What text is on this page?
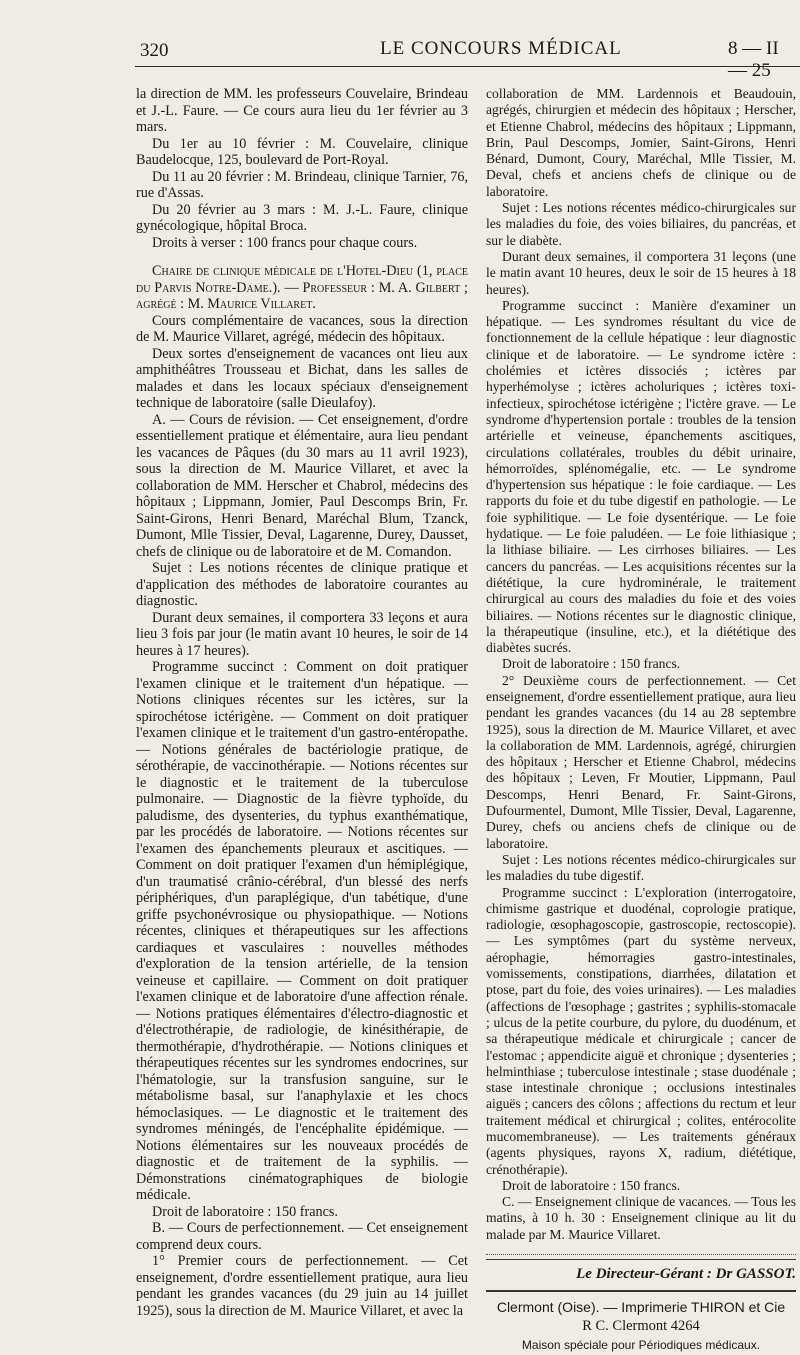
320	LE CONCOURS MÉDICAL	8 — II — 25

la direction de MM. les professeurs Couvelaire, Brindeau et J.-L. Faure. — Ce cours aura lieu du 1er février au 3 mars.

Du 1er au 10 février : M. Couvelaire, clinique Baudelocque, 125, boulevard de Port-Royal.

Du 11 au 20 février : M. Brindeau, clinique Tarnier, 76, rue d'Assas.

Du 20 février au 3 mars : M. J.-L. Faure, clinique gynécologique, hôpital Broca.

Droits à verser : 100 francs pour chaque cours.

Chaire de clinique médicale de l'Hotel-Dieu (1, place du Parvis Notre-Dame.). — Professeur : M. A. Gilbert ; agrégé : M. Maurice Villaret.

Cours complémentaire de vacances, sous la direction de M. Maurice Villaret, agrégé, médecin des hôpitaux.

Deux sortes d'enseignement de vacances ont lieu aux amphithéâtres Trousseau et Bichat, dans les salles de malades et dans les locaux spéciaux d'enseignement technique de laboratoire (salle Dieulafoy).

A. — Cours de révision. — Cet enseignement, d'ordre essentiellement pratique et élémentaire, aura lieu pendant les vacances de Pâques (du 30 mars au 11 avril 1923), sous la direction de M. Maurice Villaret, et avec la collaboration de MM. Herscher et Chabrol, médecins des hôpitaux ; Lippmann, Jomier, Paul Descomps Brin, Fr. Saint-Girons, Henri Benard, Maréchal Blum, Tzanck, Dumont, Mlle Tissier, Deval, Lagarenne, Durey, Dausset, chefs de clinique ou de laboratoire et de M. Comandon.

Sujet : Les notions récentes de clinique pratique et d'application des méthodes de laboratoire courantes au diagnostic.

Durant deux semaines, il comportera 33 leçons et aura lieu 3 fois par jour (le matin avant 10 heures, le soir de 14 heures à 17 heures).

Programme succinct : Comment on doit pratiquer l'examen clinique et le traitement d'un hépatique. — Notions cliniques récentes sur les ictères, sur la spirochétose ictérigène. — Comment on doit pratiquer l'examen clinique et le traitement d'un gastro-entéropathe. — Notions générales de bactériologie pratique, de sérothérapie, de vaccinothérapie. — Notions récentes sur le diagnostic et le traitement de la tuberculose pulmonaire. — Diagnostic de la fièvre typhoïde, du paludisme, des dysenteries, du typhus exanthématique, par les procédés de laboratoire. — Notions récentes sur l'examen des épanchements pleuraux et ascitiques. — Comment on doit pratiquer l'examen d'un hémiplégique, d'un traumatisé crânio-cérébral, d'un blessé des nerfs périphériques, d'un paraplégique, d'un tabétique, d'une griffe psychonévrosique ou physiopathique. — Notions récentes, cliniques et thérapeutiques sur les affections cardiaques et vasculaires : nouvelles méthodes d'exploration de la tension artérielle, de la tension veineuse et capillaire. — Comment on doit pratiquer l'examen clinique et de laboratoire d'une affection rénale. — Notions pratiques élémentaires d'électro-diagnostic et d'électrothérapie, de radiologie, de kinésithérapie, de thermothérapie, d'hydrothérapie. — Notions cliniques et thérapeutiques récentes sur les syndromes endocrines, sur l'hématologie, sur la transfusion sanguine, sur le métabolisme basal, sur l'anaphylaxie et les chocs hémoclasiques. — Le diagnostic et le traitement des syndromes méningés, de l'encéphalite épidémique. — Notions élémentaires sur les nouveaux procédés de diagnostic et de traitement de la syphilis. — Démonstrations cinématographiques de biologie médicale.

Droit de laboratoire : 150 francs.

B. — Cours de perfectionnement. — Cet enseignement comprend deux cours.

1° Premier cours de perfectionnement. — Cet enseignement, d'ordre essentiellement pratique, aura lieu pendant les grandes vacances (du 29 juin au 14 juillet 1925), sous la direction de M. Maurice Villaret, et avec la

collaboration de MM. Lardennois et Beaudouin, agrégés, chirurgien et médecin des hôpitaux ; Herscher, et Etienne Chabrol, médecins des hôpitaux ; Lippmann, Brin, Paul Descomps, Jomier, Saint-Girons, Henri Bénard, Dumont, Coury, Maréchal, Mlle Tissier, M. Deval, chefs et anciens chefs de clinique ou de laboratoire.

Sujet : Les notions récentes médico-chirurgicales sur les maladies du foie, des voies biliaires, du pancréas, et sur le diabète.

Durant deux semaines, il comportera 31 leçons (une le matin avant 10 heures, deux le soir de 15 heures à 18 heures).

Programme succinct : Manière d'examiner un hépatique. — Les syndromes résultant du vice de fonctionnement de la cellule hépatique : leur diagnostic clinique et de laboratoire. — Le syndrome ictère : cholémies et ictères dissociés ; ictères par hyperhémolyse ; ictères acholuriques ; ictères toxi-infectieux, spirochétose ictérigène ; l'ictère grave. — Le syndrome d'hypertension portale : troubles de la tension artérielle et veineuse, épanchements ascitiques, circulations collatérales, troubles du débit urinaire, hémorroïdes, splénomégalie, etc. — Le syndrome d'hypertension sus hépatique : le foie cardiaque. — Les rapports du foie et du tube digestif en pathologie. — Le foie syphilitique. — Le foie dysentérique. — Le foie hydatique. — Le foie paludéen. — Le foie lithiasique ; la lithiase biliaire. — Les cirrhoses biliaires. — Les cancers du pancréas. — Les acquisitions récentes sur la diététique, la cure hydrominérale, le traitement chirurgical au cours des maladies du foie et des voies biliaires. — Notions récentes sur le diagnostic clinique, la thérapeutique (insuline, etc.), et la diététique des diabètes sucrés.

Droit de laboratoire : 150 francs.

2° Deuxième cours de perfectionnement. — Cet enseignement, d'ordre essentiellement pratique, aura lieu pendant les grandes vacances (du 14 au 28 septembre 1925), sous la direction de M. Maurice Villaret, et avec la collaboration de MM. Lardennois, agrégé, chirurgien des hôpitaux ; Herscher et Etienne Chabrol, médecins des hôpitaux ; Leven, Fr Moutier, Lippmann, Paul Descomps, Henri Benard, Fr. Saint-Girons, Dufourmentel, Dumont, Mlle Tissier, Deval, Lagarenne, Durey, chefs ou anciens chefs de clinique ou de laboratoire.

Sujet : Les notions récentes médico-chirurgicales sur les maladies du tube digestif.

Programme succinct : L'exploration (interrogatoire, chimisme gastrique et duodénal, coprologie pratique, radiologie, œsophagoscopie, gastroscopie, rectoscopie). — Les symptômes (part du système nerveux, aérophagie, hémorragies gastro-intestinales, vomissements, constipations, diarrhées, dilatation et ptose, part du foie, des voies urinaires). — Les maladies (affections de l'œsophage ; gastrites ; syphilis-stomacale ; ulcus de la petite courbure, du pylore, du duodénum, et sa thérapeutique médicale et chirurgicale ; cancer de l'estomac ; appendicite aiguë et chronique ; dysenteries ; helminthiase ; tuberculose intestinale ; stase duodénale ; stase intestinale chronique ; occlusions intestinales aiguës ; cancers des côlons ; affections du rectum et leur traitement médical et chirurgical ; colites, entérocolite mucomembraneuse). — Les traitements généraux (agents physiques, rayons X, radium, diététique, crénothérapie).

Droit de laboratoire : 150 francs.

C. — Enseignement clinique de vacances. — Tous les matins, à 10 h. 30 : Enseignement clinique au lit du malade par M. Maurice Villaret.

Le Directeur-Gérant : Dr GASSOT.
Clermont (Oise). — Imprimerie THIRON et Cie
R C. Clermont 4264
Maison spéciale pour Périodiques médicaux.
